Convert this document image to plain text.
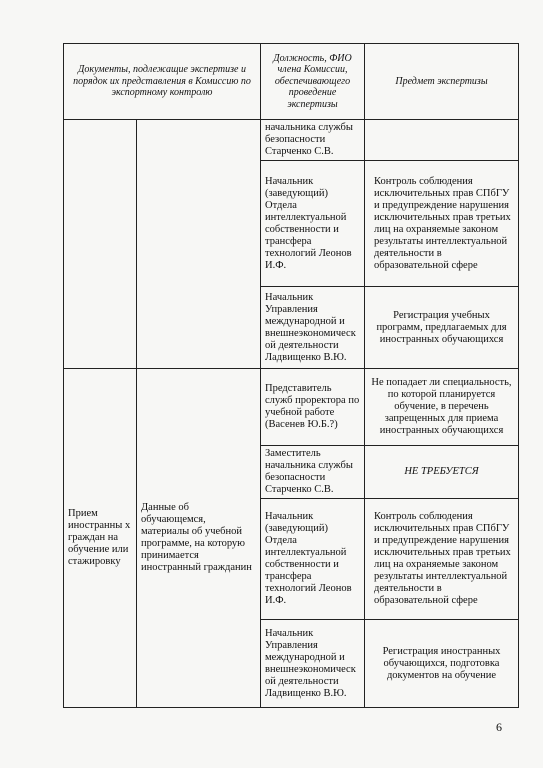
Документы, подлежащие экспертизе и порядок их представления в Комиссию по экспортному контролю		Должность, ФИО члена Комиссии, обеспечивающего проведение экспертизы	Предмет экспертизы
		начальника службы безопасности Старченко С.В.	
		Начальник (заведующий) Отдела интеллектуальной собственности и трансфера технологий Леонов И.Ф.	Контроль соблюдения исключительных прав СПбГУ и предупреждение нарушения исключительных прав третьих лиц на охраняемые законом результаты интеллектуальной деятельности в образовательной сфере
		Начальник Управления международной и внешнеэкономическ ой деятельности Ладвищенко В.Ю.	Регистрация учебных программ, предлагаемых для иностранных обучающихся
Прием иностранны х граждан на обучение или стажировку	Данные об обучающемся, материалы об учебной программе, на которую принимается иностранный гражданин	Представитель служб проректора по учебной работе (Васенев Ю.Б.?)	Не попадает ли специальность, по которой планируется обучение, в перечень запрещенных для приема иностранных обучающихся
		Заместитель начальника службы безопасности Старченко С.В.	НЕ ТРЕБУЕТСЯ
		Начальник (заведующий) Отдела интеллектуальной собственности и трансфера технологий Леонов И.Ф.	Контроль соблюдения исключительных прав СПбГУ и предупреждение нарушения исключительных прав третьих лиц на охраняемые законом результаты интеллектуальной деятельности в образовательной сфере
		Начальник Управления международной и внешнеэкономическ ой деятельности Ладвищенко В.Ю.	Регистрация иностранных обучающихся, подготовка документов на обучение
6
